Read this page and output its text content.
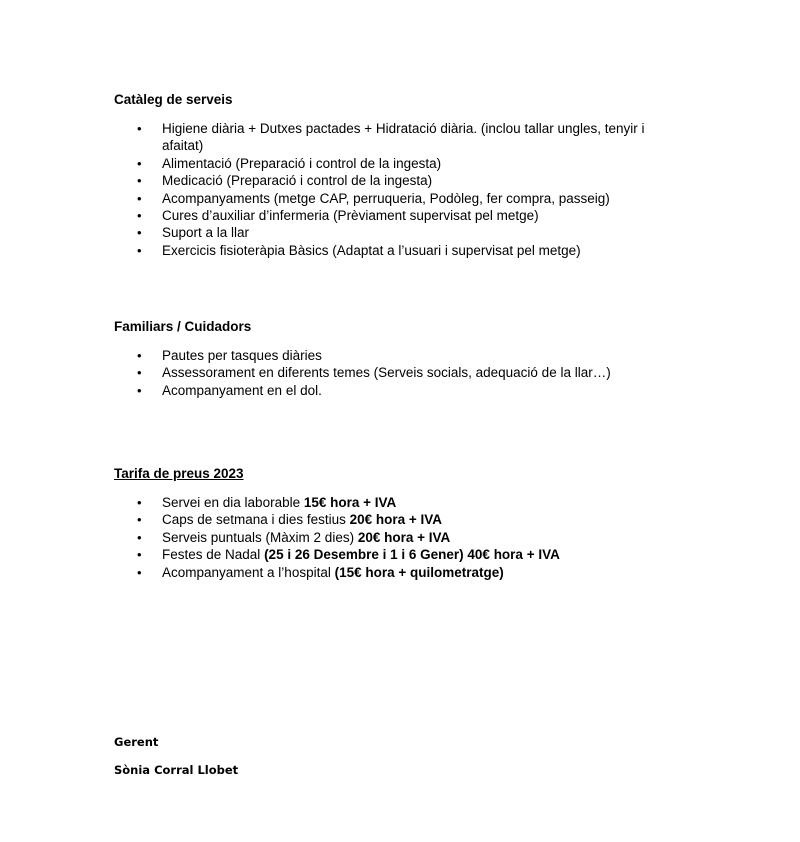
Catàleg de serveis
• Higiene diària + Dutxes pactades + Hidratació diària. (inclou tallar ungles, tenyir i afaitat)
• Alimentació (Preparació i control de la ingesta)
• Medicació (Preparació i control de la ingesta)
• Acompanyaments (metge CAP, perruqueria, Podòleg, fer compra, passeig)
• Cures d’auxiliar d’infermeria (Prèviament supervisat pel metge)
• Suport a la llar
• Exercicis fisioteràpia Bàsics (Adaptat a l’usuari i supervisat pel metge)
Familiars / Cuidadors
• Pautes per tasques diàries
• Assessorament en diferents temes (Serveis socials, adequació de la llar…)
• Acompanyament en el dol.
Tarifa de preus 2023
• Servei en dia laborable 15€ hora + IVA
• Caps de setmana i dies festius 20€ hora + IVA
• Serveis puntuals (Màxim 2 dies) 20€ hora + IVA
• Festes de Nadal (25 i 26 Desembre i 1 i 6 Gener) 40€ hora + IVA
• Acompanyament a l’hospital (15€ hora + quilometratge)
Gerent
Sònia Corral Llobet
